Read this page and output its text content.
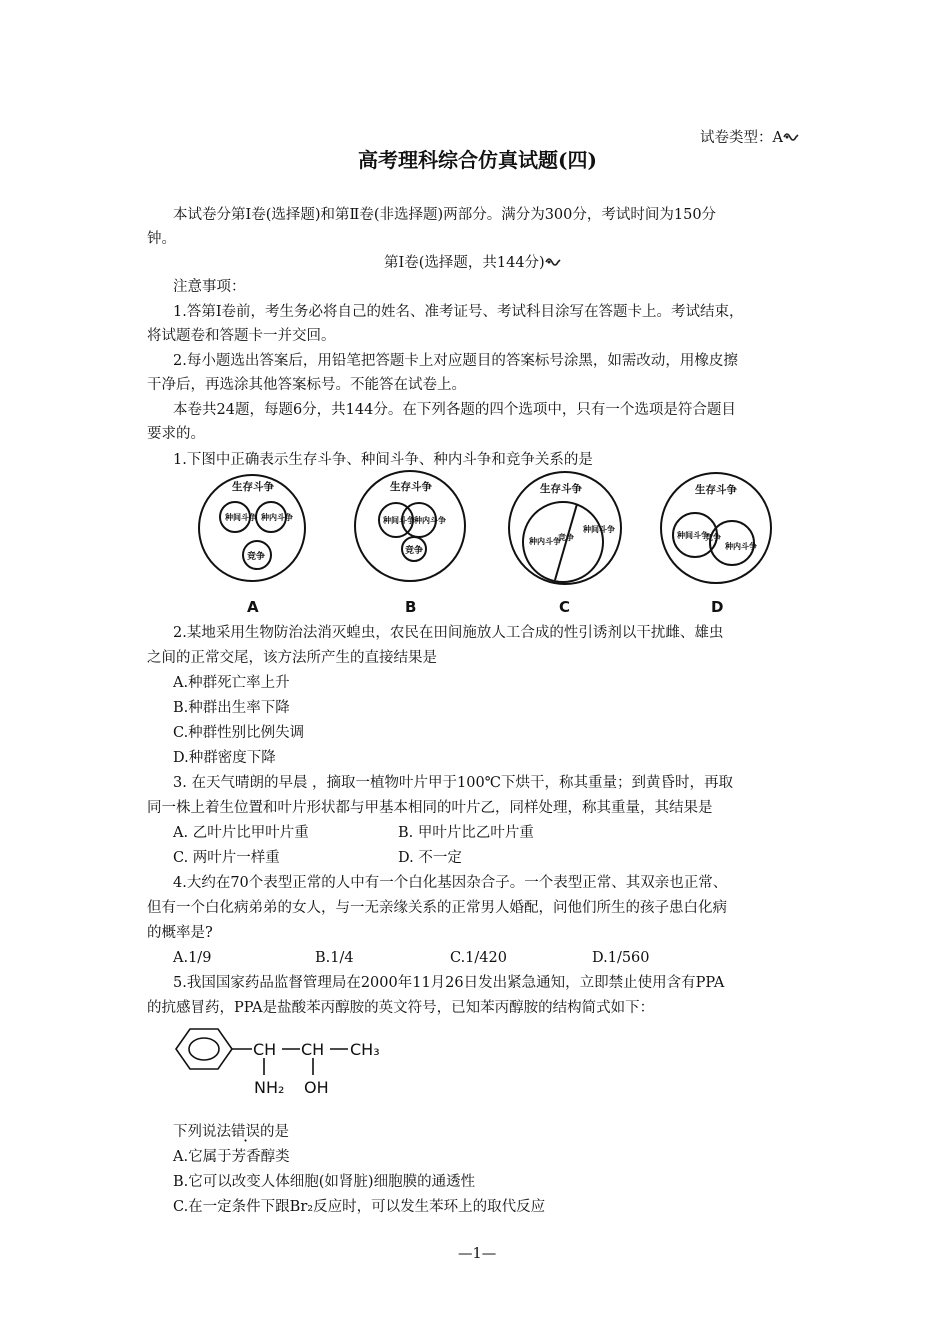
试卷类型：A
高考理科综合仿真试题(四)
本试卷分第Ⅰ卷(选择题)和第Ⅱ卷(非选择题)两部分。满分为300分，考试时间为150分
钟。
第Ⅰ卷(选择题，共144分)
注意事项：
1.答第Ⅰ卷前，考生务必将自己的姓名、准考证号、考试科目涂写在答题卡上。考试结束，
将试题卷和答题卡一并交回。
2.每小题选出答案后，用铅笔把答题卡上对应题目的答案标号涂黑，如需改动，用橡皮擦
干净后，再选涂其他答案标号。不能答在试卷上。
本卷共24题，每题6分，共144分。在下列各题的四个选项中，只有一个选项是符合题目
要求的。
1.下图中正确表示生存斗争、种间斗争、种内斗争和竞争关系的是
生存斗争
种间斗争 种内斗争
竞争
生存斗争
种间斗争 种内斗争
竞争
生存斗争
种内斗争
竞争
种间斗争
生存斗争
种间斗争
竞争
种内斗争
A	B	C	D
2.某地采用生物防治法消灭蝗虫，农民在田间施放人工合成的性引诱剂以干扰雌、雄虫
之间的正常交尾，该方法所产生的直接结果是
A.种群死亡率上升
B.种群出生率下降
C.种群性别比例失调
D.种群密度下降
3. 在天气晴朗的早晨 ，摘取一植物叶片甲于100℃下烘干，称其重量；到黄昏时，再取
同一株上着生位置和叶片形状都与甲基本相同的叶片乙，同样处理，称其重量，其结果是
A. 乙叶片比甲叶片重	B. 甲叶片比乙叶片重
C. 两叶片一样重	D. 不一定
4.大约在70个表型正常的人中有一个白化基因杂合子。一个表型正常、其双亲也正常、
但有一个白化病弟弟的女人，与一无亲缘关系的正常男人婚配，问他们所生的孩子患白化病
的概率是?
A.1/9	B.1/4	C.1/420	D.1/560
5.我国国家药品监督管理局在2000年11月26日发出紧急通知，立即禁止使用含有PPA
的抗感冒药，PPA是盐酸苯丙醇胺的英文符号，已知苯丙醇胺的结构简式如下：
CH CH CH₃
NH₂ OH
下列说法错误的是
A.它属于芳香醇类
B.它可以改变人体细胞(如肾脏)细胞膜的通透性
C.在一定条件下跟Br₂反应时，可以发生苯环上的取代反应
—1—
